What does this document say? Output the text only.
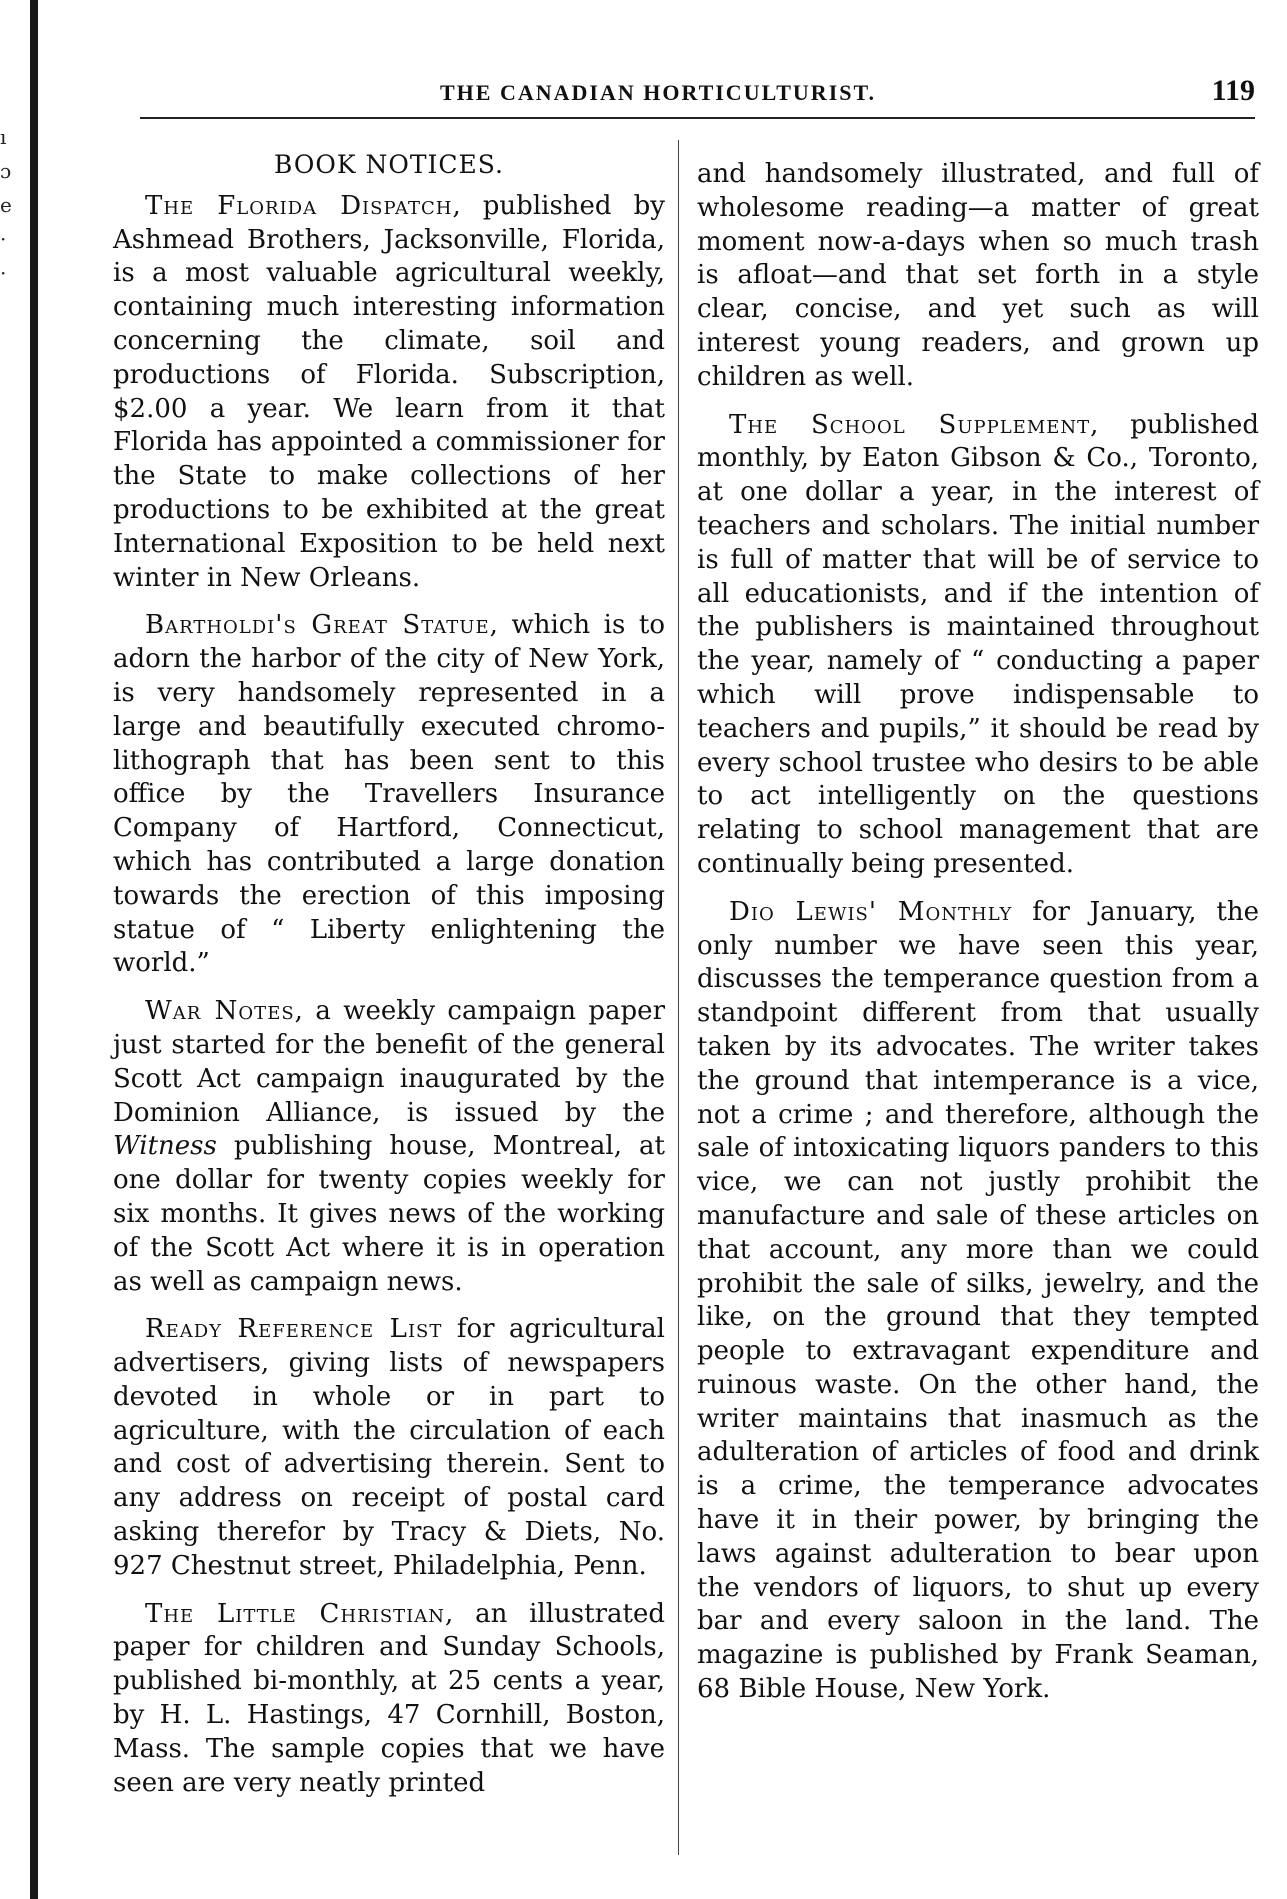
ı
ɔ
e
·
·
THE CANADIAN HORTICULTURIST.	119
BOOK NOTICES.

The Florida Dispatch, published by Ashmead Brothers, Jacksonville, Florida, is a most valuable agricultural weekly, containing much interesting information concerning the climate, soil and productions of Florida. Subscription, $2.00 a year. We learn from it that Florida has appointed a commissioner for the State to make collections of her productions to be exhibited at the great International Exposition to be held next winter in New Orleans.

Bartholdi's Great Statue, which is to adorn the harbor of the city of New York, is very handsomely represented in a large and beautifully executed chromo-lithograph that has been sent to this office by the Travellers Insurance Company of Hartford, Connecticut, which has contributed a large donation towards the erection of this imposing statue of “ Liberty enlightening the world.”

War Notes, a weekly campaign paper just started for the benefit of the general Scott Act campaign inaugurated by the Dominion Alliance, is issued by the Witness publishing house, Montreal, at one dollar for twenty copies weekly for six months. It gives news of the working of the Scott Act where it is in operation as well as campaign news.

Ready Reference List for agricultural advertisers, giving lists of newspapers devoted in whole or in part to agriculture, with the circulation of each and cost of advertising therein. Sent to any address on receipt of postal card asking therefor by Tracy & Diets, No. 927 Chestnut street, Philadelphia, Penn.

The Little Christian, an illustrated paper for children and Sunday Schools, published bi-monthly, at 25 cents a year, by H. L. Hastings, 47 Cornhill, Boston, Mass. The sample copies that we have seen are very neatly printed

and handsomely illustrated, and full of wholesome reading—a matter of great moment now-a-days when so much trash is afloat—and that set forth in a style clear, concise, and yet such as will interest young readers, and grown up children as well.

The School Supplement, published monthly, by Eaton Gibson & Co., Toronto, at one dollar a year, in the interest of teachers and scholars. The initial number is full of matter that will be of service to all educationists, and if the intention of the publishers is maintained throughout the year, namely of “ conducting a paper which will prove indispensable to teachers and pupils,” it should be read by every school trustee who desirs to be able to act intelligently on the questions relating to school management that are continually being presented.

Dio Lewis' Monthly for January, the only number we have seen this year, discusses the temperance question from a standpoint different from that usually taken by its advocates. The writer takes the ground that intemperance is a vice, not a crime ; and therefore, although the sale of intoxicating liquors panders to this vice, we can not justly prohibit the manufacture and sale of these articles on that account, any more than we could prohibit the sale of silks, jewelry, and the like, on the ground that they tempted people to extravagant expenditure and ruinous waste. On the other hand, the writer maintains that inasmuch as the adulteration of articles of food and drink is a crime, the temperance advocates have it in their power, by bringing the laws against adulteration to bear upon the vendors of liquors, to shut up every bar and every saloon in the land. The magazine is published by Frank Seaman, 68 Bible House, New York.
